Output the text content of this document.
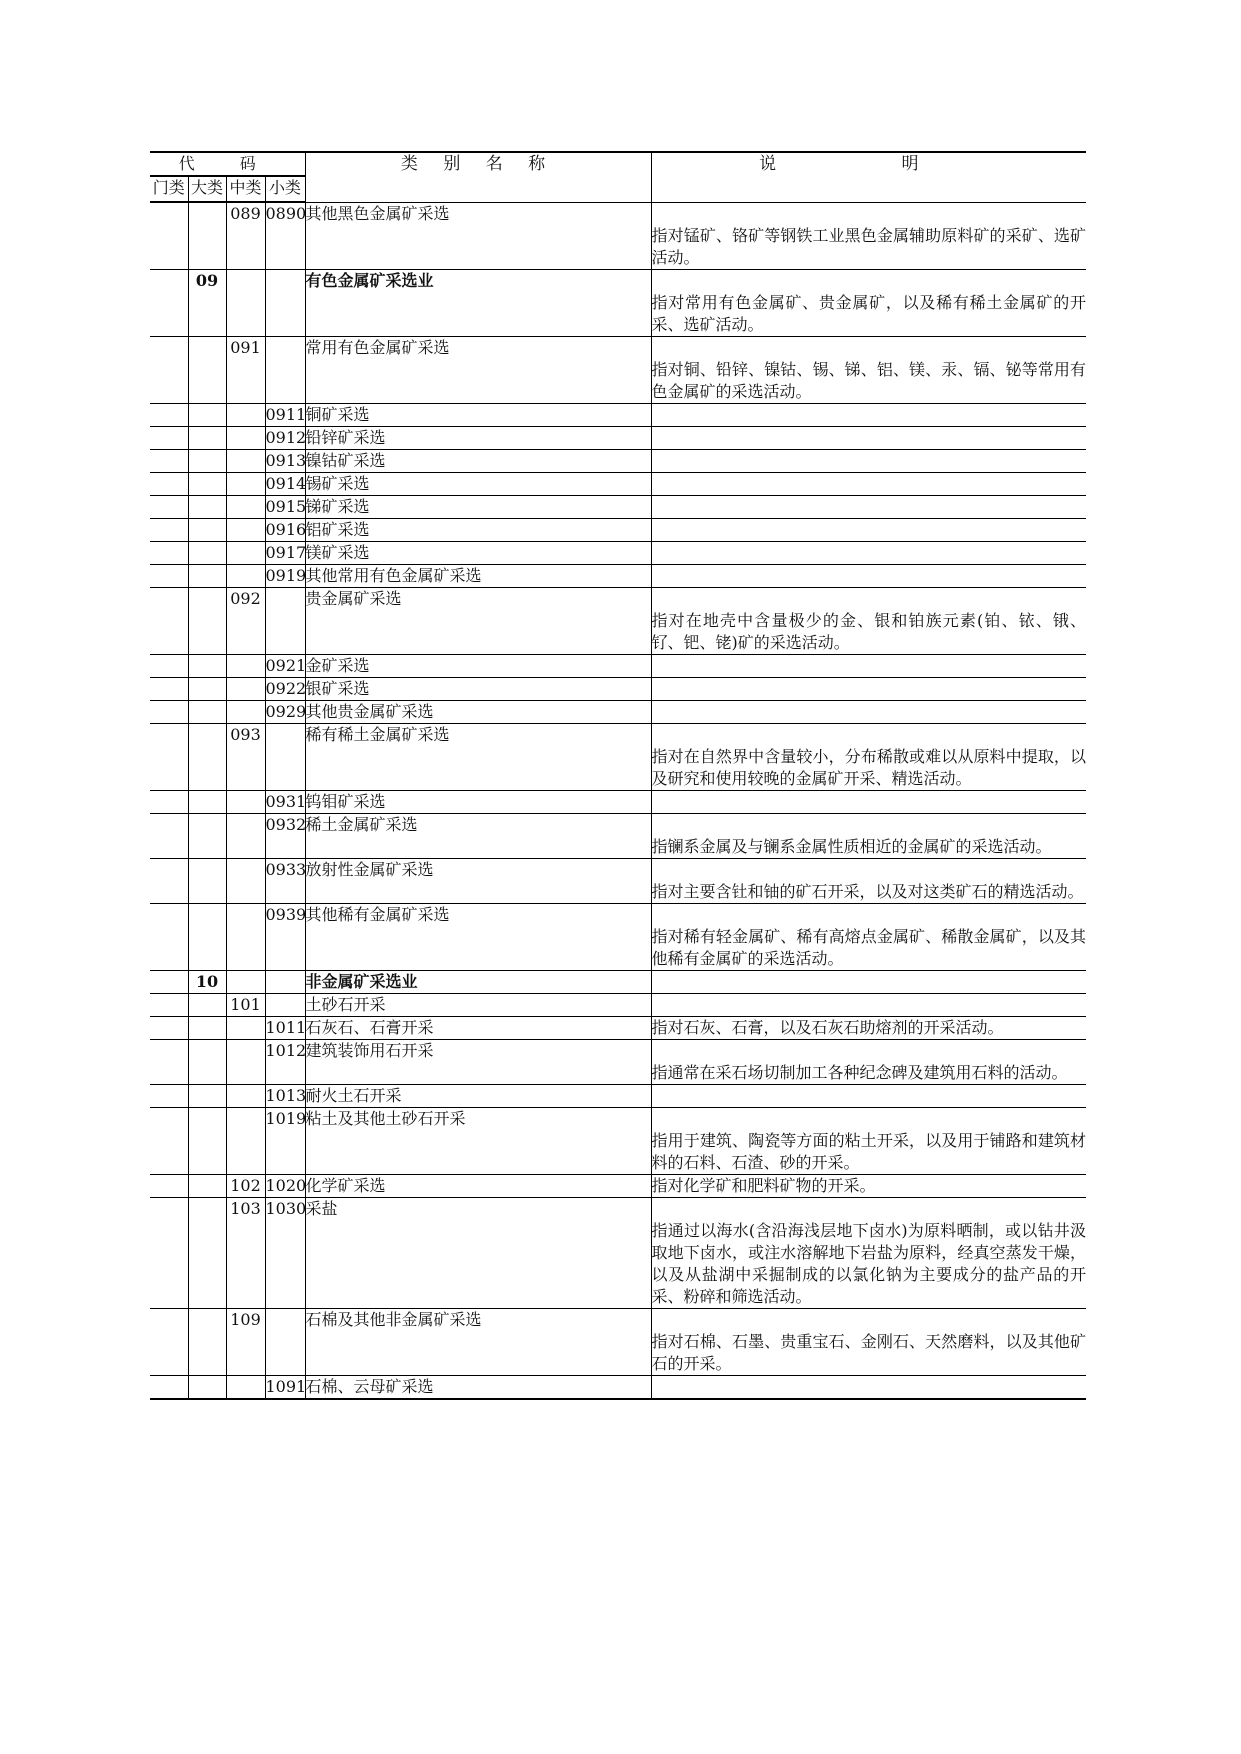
代 码				类 别 名 称	说 明
门类	大类	中类	小类		
		089	0890	其他黑色金属矿采选	指对锰矿、铬矿等钢铁工业黑色金属辅助原料矿的采矿、选矿活动。

	09			有色金属矿采选业	指对常用有色金属矿、贵金属矿，以及稀有稀土金属矿的开采、选矿活动。

		091		常用有色金属矿采选	指对铜、铅锌、镍钴、锡、锑、铝、镁、汞、镉、铋等常用有色金属矿的采选活动。

			0911	铜矿采选	

			0912	铅锌矿采选	

			0913	镍钴矿采选	

			0914	锡矿采选	

			0915	锑矿采选	

			0916	铝矿采选	

			0917	镁矿采选	

			0919	其他常用有色金属矿采选	

		092		贵金属矿采选	指对在地壳中含量极少的金、银和铂族元素(铂、铱、锇、钌、钯、铑)矿的采选活动。

			0921	金矿采选	

			0922	银矿采选	

			0929	其他贵金属矿采选	

		093		稀有稀土金属矿采选	指对在自然界中含量较小，分布稀散或难以从原料中提取，以及研究和使用较晚的金属矿开采、精选活动。

			0931	钨钼矿采选	

			0932	稀土金属矿采选	指镧系金属及与镧系金属性质相近的金属矿的采选活动。

			0933	放射性金属矿采选	指对主要含钍和铀的矿石开采，以及对这类矿石的精选活动。

			0939	其他稀有金属矿采选	指对稀有轻金属矿、稀有高熔点金属矿、稀散金属矿，以及其他稀有金属矿的采选活动。

	10			非金属矿采选业	

		101		土砂石开采	

			1011	石灰石、石膏开采	指对石灰、石膏，以及石灰石助熔剂的开采活动。

			1012	建筑装饰用石开采	指通常在采石场切制加工各种纪念碑及建筑用石料的活动。

			1013	耐火土石开采	

			1019	粘土及其他土砂石开采	指用于建筑、陶瓷等方面的粘土开采，以及用于铺路和建筑材料的石料、石渣、砂的开采。

		102	1020	化学矿采选	指对化学矿和肥料矿物的开采。

		103	1030	采盐	指通过以海水(含沿海浅层地下卤水)为原料晒制，或以钻井汲取地下卤水，或注水溶解地下岩盐为原料，经真空蒸发干燥，以及从盐湖中采掘制成的以氯化钠为主要成分的盐产品的开采、粉碎和筛选活动。

		109		石棉及其他非金属矿采选	指对石棉、石墨、贵重宝石、金刚石、天然磨料，以及其他矿石的开采。

			1091	石棉、云母矿采选	
